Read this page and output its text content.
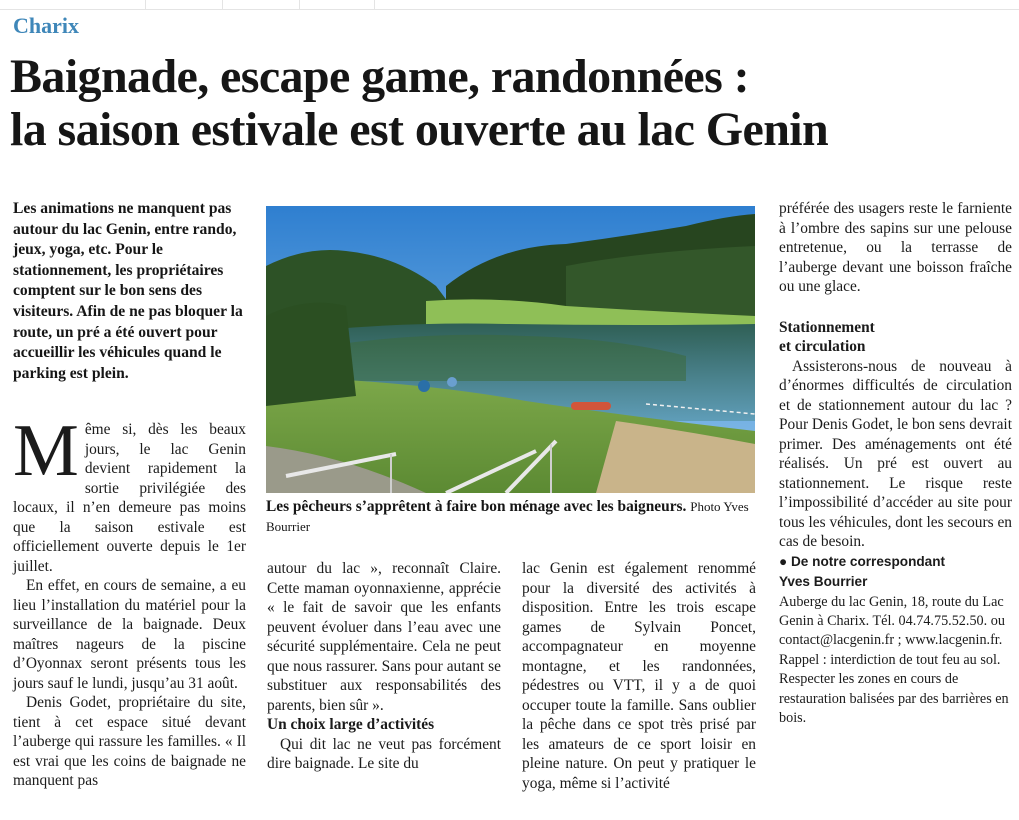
Charix
Baignade, escape game, randonnées :
la saison estivale est ouverte au lac Genin
Les animations ne manquent pas autour du lac Genin, entre rando, jeux, yoga, etc. Pour le stationnement, les propriétaires comptent sur le bon sens des visiteurs. Afin de ne pas bloquer la route, un pré a été ouvert pour accueillir les véhicules quand le parking est plein.

Même si, dès les beaux jours, le lac Genin devient rapidement la sortie privilégiée des locaux, il n’en demeure pas moins que la saison estivale est officiellement ouverte depuis le 1er juillet.

En effet, en cours de semaine, a eu lieu l’installation du matériel pour la surveillance de la baignade. Deux maîtres nageurs de la piscine d’Oyonnax seront présents tous les jours sauf le lundi, jusqu’au 31 août.

Denis Godet, propriétaire du site, tient à cet espace situé devant l’auberge qui rassure les familles. « Il est vrai que les coins de baignade ne manquent pas

Les pêcheurs s’apprêtent à faire bon ménage avec les baigneurs. Photo Yves Bourrier

autour du lac », reconnaît Claire. Cette maman oyonnaxienne, apprécie « le fait de savoir que les enfants peuvent évoluer dans l’eau avec une sécurité supplémentaire. Cela ne peut que nous rassurer. Sans pour autant se substituer aux responsabilités des parents, bien sûr ».

Un choix large d’activités

Qui dit lac ne veut pas forcément dire baignade. Le site du

lac Genin est également renommé pour la diversité des activités à disposition. Entre les trois escape games de Sylvain Poncet, accompagnateur en moyenne montagne, et les randonnées, pédestres ou VTT, il y a de quoi occuper toute la famille. Sans oublier la pêche dans ce spot très prisé par les amateurs de ce sport loisir en pleine nature. On peut y pratiquer le yoga, même si l’activité

préférée des usagers reste le farniente à l’ombre des sapins sur une pelouse entretenue, ou la terrasse de l’auberge devant une boisson fraîche ou une glace.

Stationnement

et circulation

Assisterons-nous de nouveau à d’énormes difficultés de circulation et de stationnement autour du lac ? Pour Denis Godet, le bon sens devrait primer. Des aménagements ont été réalisés. Un pré est ouvert au stationnement. Le risque reste l’impossibilité d’accéder au site pour tous les véhicules, dont les secours en cas de besoin.

● De notre correspondant

Yves Bourrier

Auberge du lac Genin, 18, route du Lac Genin à Charix. Tél. 04.74.75.52.50. ou contact@lacgenin.fr ; www.lacgenin.fr.

Rappel : interdiction de tout feu au sol. Respecter les zones en cours de restauration balisées par des barrières en bois.
